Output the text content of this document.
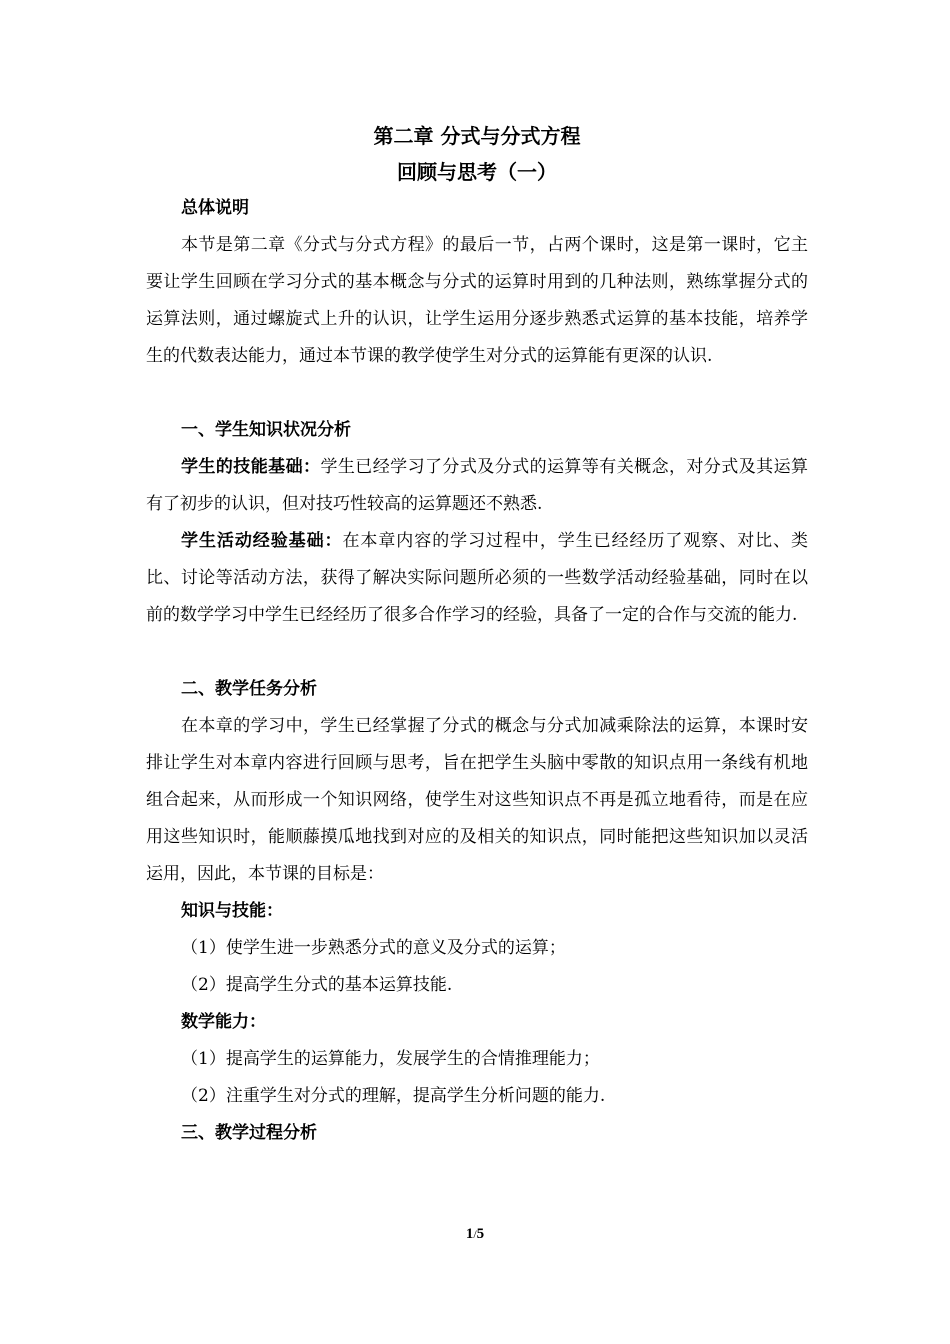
第二章 分式与分式方程

回顾与思考（一）

总体说明

本节是第二章《分式与分式方程》的最后一节，占两个课时，这是第一课时，它主要让学生回顾在学习分式的基本概念与分式的运算时用到的几种法则，熟练掌握分式的运算法则，通过螺旋式上升的认识，让学生运用分逐步熟悉式运算的基本技能，培养学生的代数表达能力，通过本节课的教学使学生对分式的运算能有更深的认识.

一、学生知识状况分析

学生的技能基础：学生已经学习了分式及分式的运算等有关概念，对分式及其运算有了初步的认识，但对技巧性较高的运算题还不熟悉.

学生活动经验基础：在本章内容的学习过程中，学生已经经历了观察、对比、类比、讨论等活动方法，获得了解决实际问题所必须的一些数学活动经验基础，同时在以前的数学学习中学生已经经历了很多合作学习的经验，具备了一定的合作与交流的能力.

二、教学任务分析

在本章的学习中，学生已经掌握了分式的概念与分式加减乘除法的运算，本课时安排让学生对本章内容进行回顾与思考，旨在把学生头脑中零散的知识点用一条线有机地组合起来，从而形成一个知识网络，使学生对这些知识点不再是孤立地看待，而是在应用这些知识时，能顺藤摸瓜地找到对应的及相关的知识点，同时能把这些知识加以灵活运用，因此，本节课的目标是：

知识与技能：

（1）使学生进一步熟悉分式的意义及分式的运算；

（2）提高学生分式的基本运算技能.

数学能力：

（1）提高学生的运算能力，发展学生的合情推理能力；

（2）注重学生对分式的理解，提高学生分析问题的能力.

三、教学过程分析

1/5
